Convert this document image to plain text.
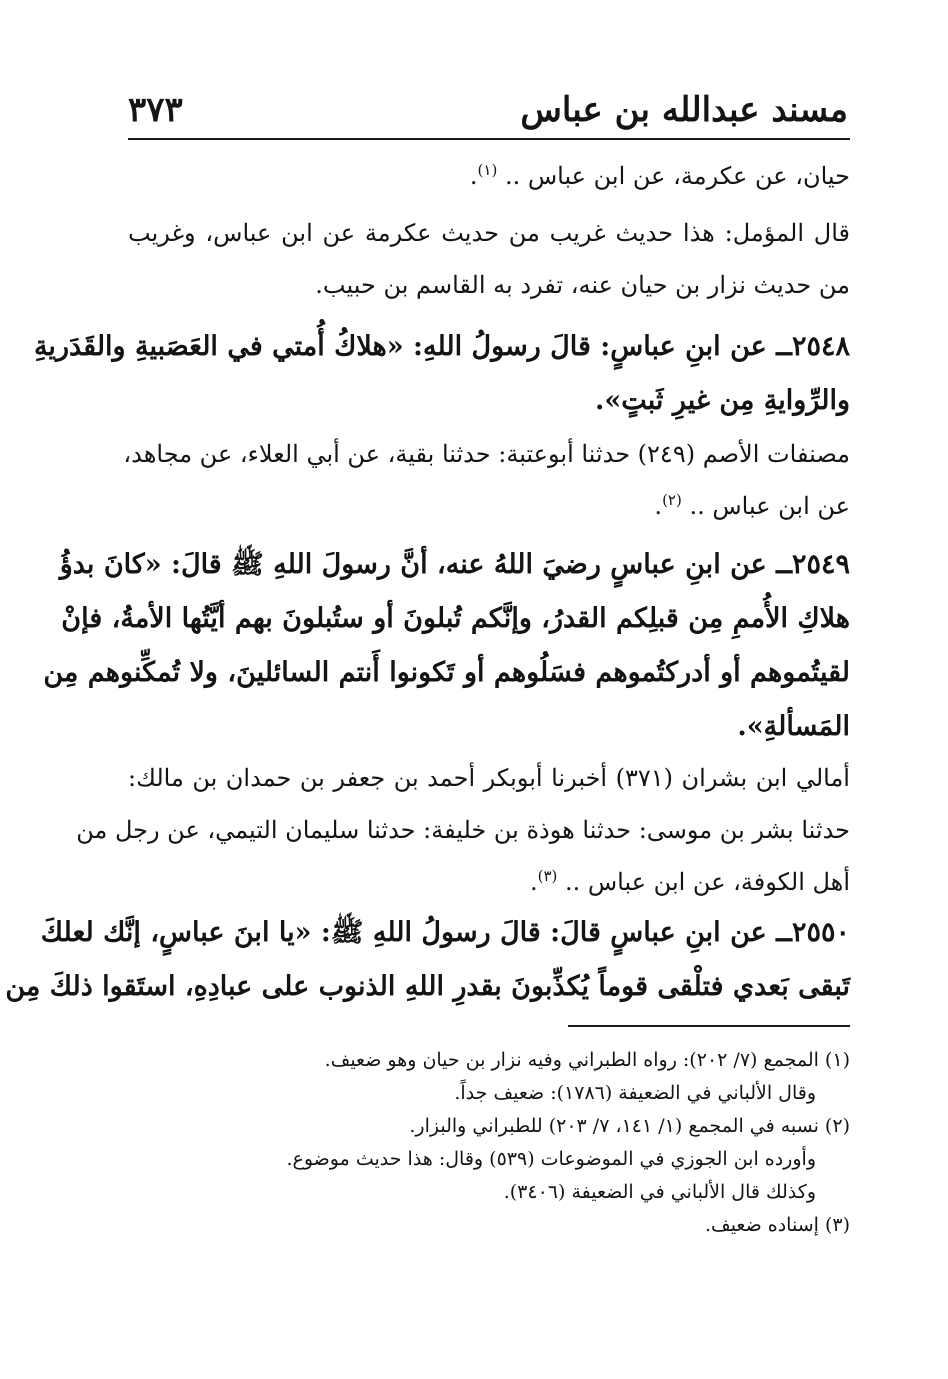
مسند عبدالله بن عباس
٣٧٣
حيان، عن عكرمة، عن ابن عباس .. $^{(١)}$.
قال المؤمل: هذا حديث غريب من حديث عكرمة عن ابن عباس، وغريب
من حديث نزار بن حيان عنه، تفرد به القاسم بن حبيب.
٢٥٤٨ــ عن ابنِ عباسٍ: قالَ رسولُ اللهِ: «هلاكُ أُمتي في العَصَبيةِ والقَدَريةِ
والرِّوايةِ مِن غيرِ ثَبتٍ».
مصنفات الأصم (٢٤٩) حدثنا أبوعتبة: حدثنا بقية، عن أبي العلاء، عن مجاهد،
عن ابن عباس .. $^{(٢)}$.
٢٥٤٩ــ عن ابنِ عباسٍ رضيَ اللهُ عنه، أنَّ رسولَ اللهِ ﷺ قالَ: «كانَ بدؤُ
هلاكِ الأُممِ مِن قبلِكم القدرُ، وإنَّكم تُبلونَ أو ستُبلونَ بهم أيَّتُها الأمةُ، فإنْ
لقيتُموهم أو أدركتُموهم فسَلُوهم أو تَكونوا أَنتم السائلينَ، ولا تُمكِّنوهم مِن
المَسألةِ».
أمالي ابن بشران (٣٧١) أخبرنا أبوبكر أحمد بن جعفر بن حمدان بن مالك:
حدثنا بشر بن موسى: حدثنا هوذة بن خليفة: حدثنا سليمان التيمي، عن رجل من
أهل الكوفة، عن ابن عباس .. $^{(٣)}$.
٢٥٥٠ــ عن ابنِ عباسٍ قالَ: قالَ رسولُ اللهِ ﷺ: «يا ابنَ عباسٍ، إنَّك لعلكَ
تَبقى بَعدي فتلْقى قوماً يُكذِّبونَ بقدرِ اللهِ الذنوب على عبادِهِ، استَقوا ذلكَ مِن
(١) المجمع (٧/ ٢٠٢): رواه الطبراني وفيه نزار بن حيان وهو ضعيف.
وقال الألباني في الضعيفة (١٧٨٦): ضعيف جداً.
(٢) نسبه في المجمع (١/ ١٤١، ٧/ ٢٠٣) للطبراني والبزار.
وأورده ابن الجوزي في الموضوعات (٥٣٩) وقال: هذا حديث موضوع.
وكذلك قال الألباني في الضعيفة (٣٤٠٦).
(٣) إسناده ضعيف.
